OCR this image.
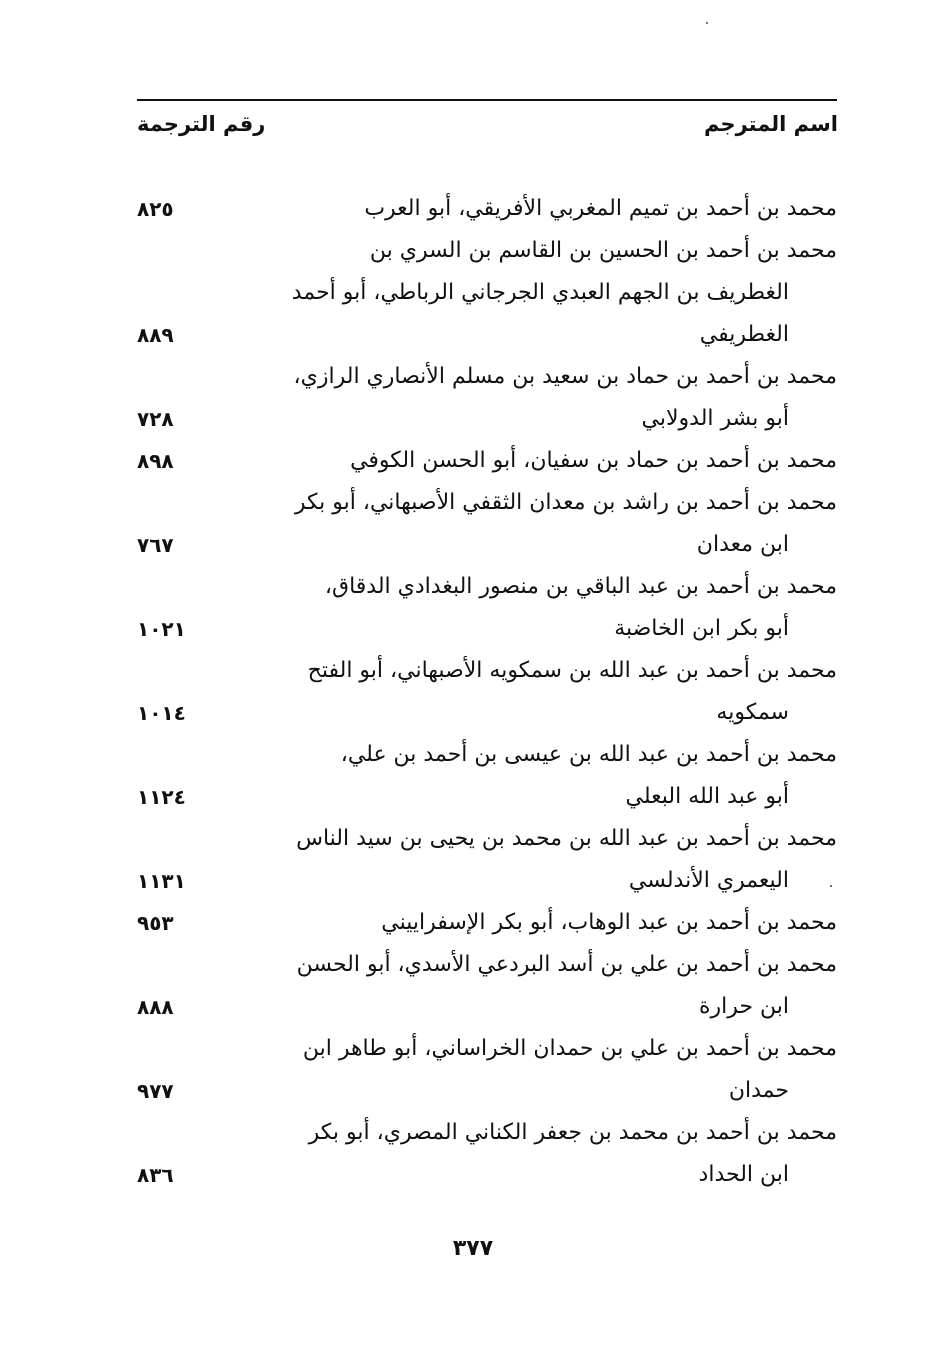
اسم المترجم
رقم الترجمة
محمد بن أحمد بن تميم المغربي الأفريقي، أبو العرب
٨٢٥
محمد بن أحمد بن الحسين بن القاسم بن السري بن
الغطريف بن الجهم العبدي الجرجاني الرباطي، أبو أحمد
الغطريفي
٨٨٩
محمد بن أحمد بن حماد بن سعيد بن مسلم الأنصاري الرازي،
أبو بشر الدولابي
٧٢٨
محمد بن أحمد بن حماد بن سفيان، أبو الحسن الكوفي
٨٩٨
محمد بن أحمد بن راشد بن معدان الثقفي الأصبهاني، أبو بكر
ابن معدان
٧٦٧
محمد بن أحمد بن عبد الباقي بن منصور البغدادي الدقاق،
أبو بكر ابن الخاضبة
١٠٢١
محمد بن أحمد بن عبد الله بن سمكويه الأصبهاني، أبو الفتح
سمكويه
١٠١٤
محمد بن أحمد بن عبد الله بن عيسى بن أحمد بن علي،
أبو عبد الله البعلي
١١٢٤
محمد بن أحمد بن عبد الله بن محمد بن يحيى بن سيد الناس
اليعمري الأندلسي
١١٣١
محمد بن أحمد بن عبد الوهاب، أبو بكر الإسفراييني
٩٥٣
محمد بن أحمد بن علي بن أسد البردعي الأسدي، أبو الحسن
ابن حرارة
٨٨٨
محمد بن أحمد بن علي بن حمدان الخراساني، أبو طاهر ابن
حمدان
٩٧٧
محمد بن أحمد بن محمد بن جعفر الكناني المصري، أبو بكر
ابن الحداد
٨٣٦
٣٧٧
